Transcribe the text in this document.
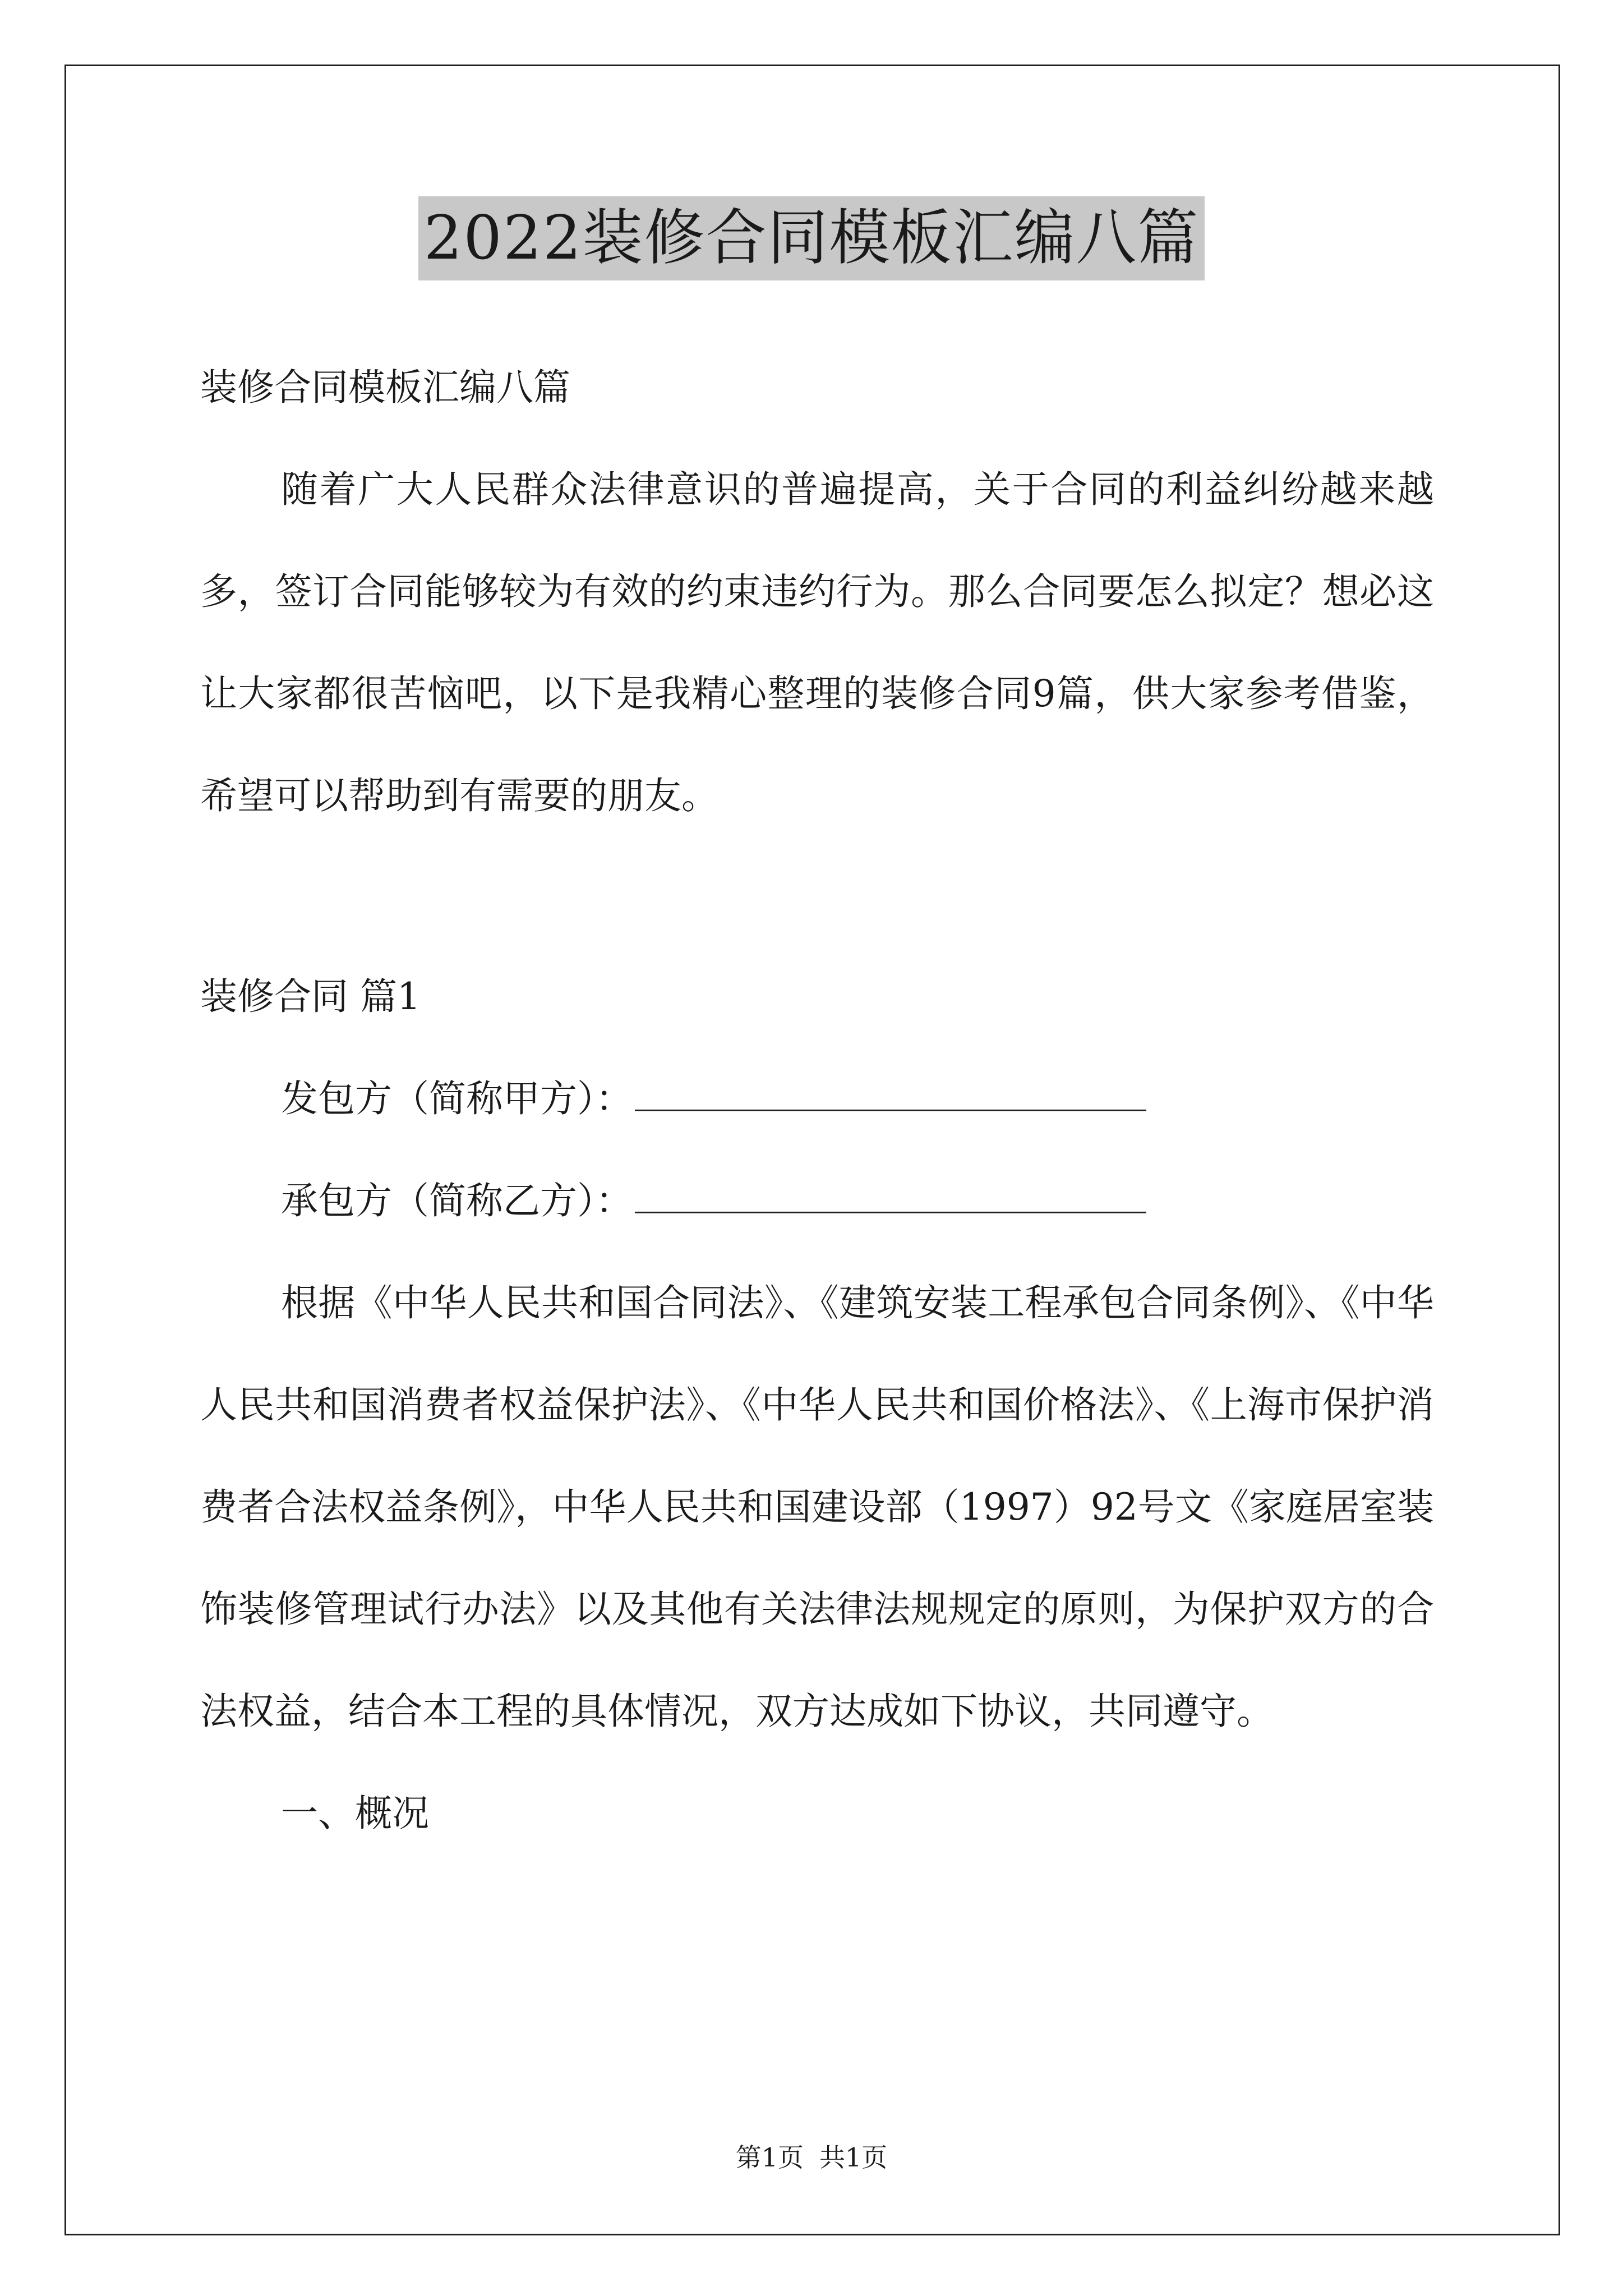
2022装修合同模板汇编八篇

装修合同模板汇编八篇

随着广大人民群众法律意识的普遍提高，关于合同的利益纠纷越来越多，签订合同能够较为有效的约束违约行为。那么合同要怎么拟定？想必这让大家都很苦恼吧，以下是我精心整理的装修合同9篇，供大家参考借鉴，希望可以帮助到有需要的朋友。

装修合同 篇1

发包方（简称甲方）：

承包方（简称乙方）：

根据《中华人民共和国合同法》、《建筑安装工程承包合同条例》、《中华人民共和国消费者权益保护法》、《中华人民共和国价格法》、《上海市保护消费者合法权益条例》，中华人民共和国建设部（1997）92号文《家庭居室装饰装修管理试行办法》以及其他有关法律法规规定的原则，为保护双方的合法权益，结合本工程的具体情况，双方达成如下协议，共同遵守。

一、概况

第1页 共1页
